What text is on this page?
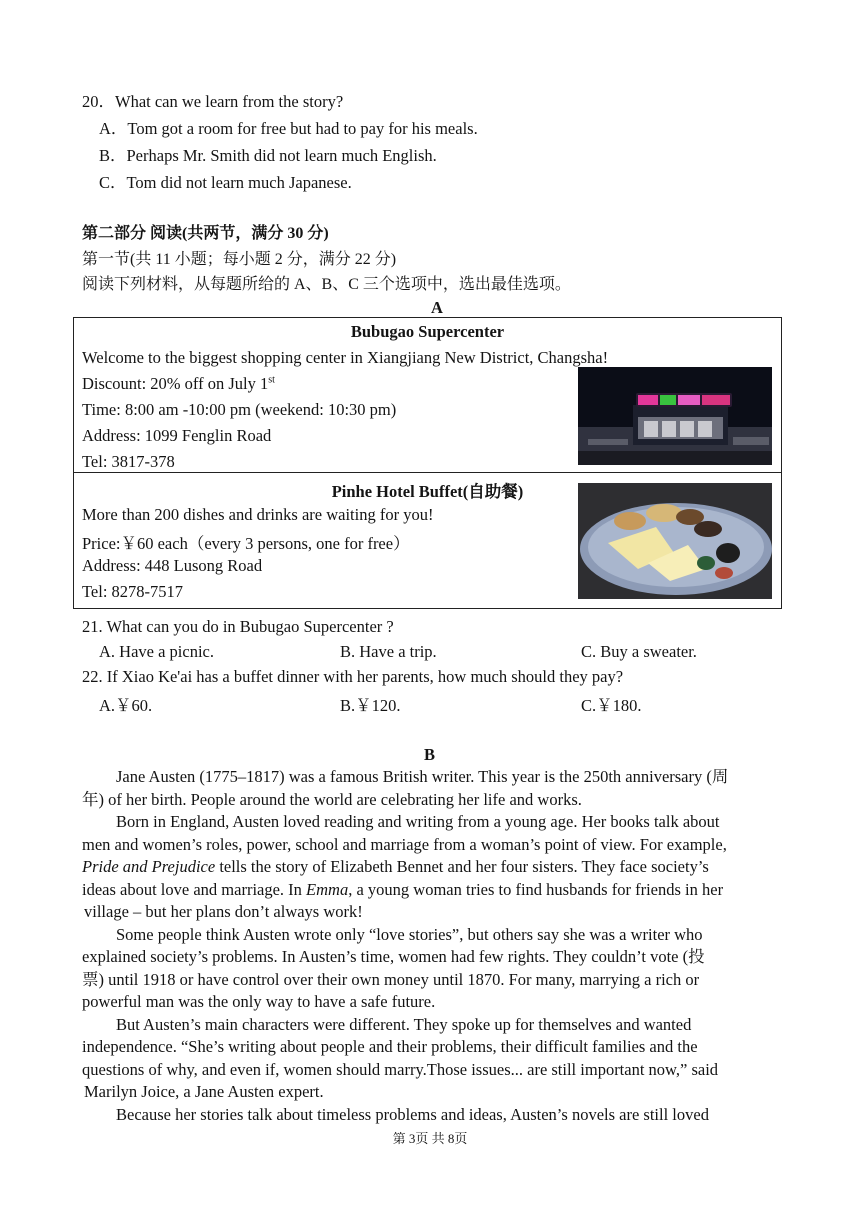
20．What can we learn from the story?
A．Tom got a room for free but had to pay for his meals.
B．Perhaps Mr. Smith did not learn much English.
C．Tom did not learn much Japanese.
第二部分 阅读(共两节，满分 30 分)
第一节(共 11 小题；每小题 2 分，满分 22 分)
阅读下列材料，从每题所给的 A、B、C 三个选项中，选出最佳选项。
A
Bubugao Supercenter
Welcome to the biggest shopping center in Xiangjiang New District, Changsha!
Discount: 20% off on July 1st
Time: 8:00 am -10:00 pm (weekend: 10:30 pm)
Address: 1099 Fenglin Road
Tel: 3817-378
Pinhe Hotel Buffet(自助餐)
More than 200 dishes and drinks are waiting for you!
Price:￥60 each（every 3 persons, one for free）
Address: 448 Lusong Road
Tel: 8278-7517
21. What can you do in Bubugao Supercenter ?
A. Have a picnic.	B. Have a trip.	C. Buy a sweater.
22. If Xiao Ke'ai has a buffet dinner with her parents, how much should they pay?
A.￥60.	B.￥120.	C.￥180.
B
Jane Austen (1775–1817) was a famous British writer. This year is the 250th anniversary (周
年) of her birth. People around the world are celebrating her life and works.
Born in England, Austen loved reading and writing from a young age. Her books talk about
men and women’s roles, power, school and marriage from a woman’s point of view. For example,
Pride and Prejudice tells the story of Elizabeth Bennet and her four sisters. They face society’s
ideas about love and marriage. In Emma, a young woman tries to find husbands for friends in her
village – but her plans don’t always work!
Some people think Austen wrote only “love stories”, but others say she was a writer who
explained society’s problems. In Austen’s time, women had few rights. They couldn’t vote (投
票) until 1918 or have control over their own money until 1870. For many, marrying a rich or
powerful man was the only way to have a safe future.
But Austen’s main characters were different. They spoke up for themselves and wanted
independence. “She’s writing about people and their problems, their difficult families and the
questions of why, and even if, women should marry.Those issues... are still important now,” said
Marilyn Joice, a Jane Austen expert.
Because her stories talk about timeless problems and ideas, Austen’s novels are still loved
第 3页 共 8页
